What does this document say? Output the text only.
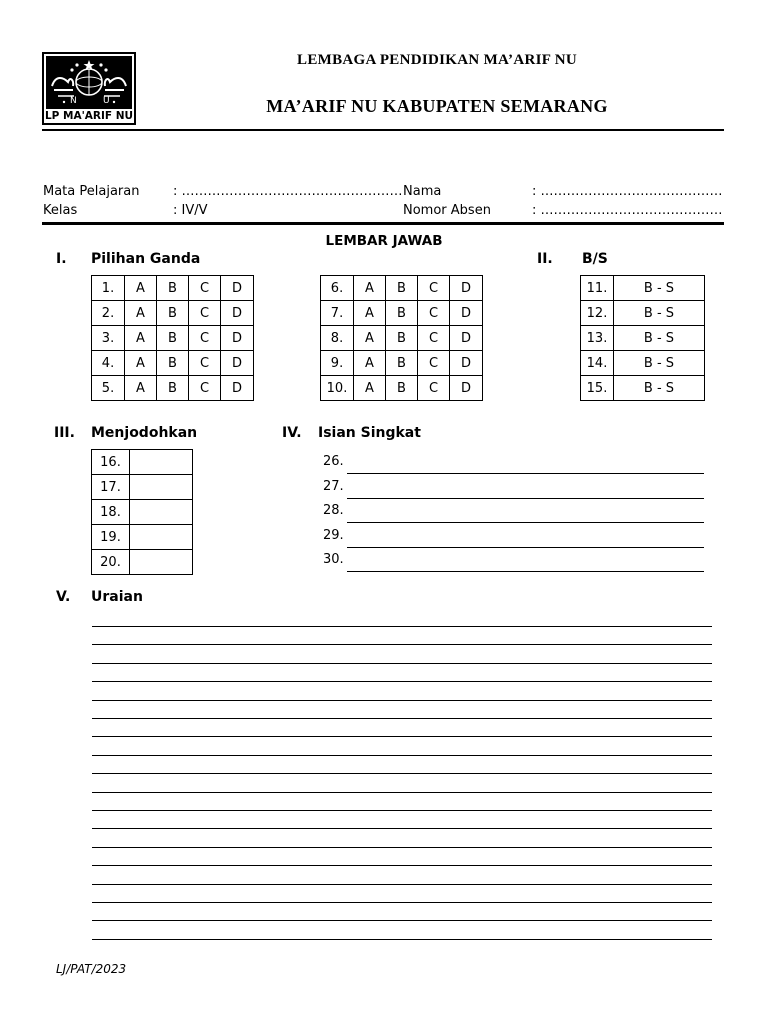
N	U
LP MA'ARIF NU
LEMBAGA PENDIDIKAN MA’ARIF NU
MA’ARIF NU KABUPATEN SEMARANG
Mata Pelajaran	: ……………………………………………
Kelas	: IV/V
Nama	: ……………………………………
Nomor Absen	: ……………………………………
LEMBAR JAWAB
I. Pilihan Ganda	II. B/S
1.	A	B	C	D
2.	A	B	C	D
3.	A	B	C	D
4.	A	B	C	D
5.	A	B	C	D
6.	A	B	C	D
7.	A	B	C	D
8.	A	B	C	D
9.	A	B	C	D
10.	A	B	C	D
11.	B - S
12.	B - S
13.	B - S
14.	B - S
15.	B - S
III. Menjodohkan	IV. Isian Singkat
16.	
17.	
18.	
19.	
20.	
26.
27.
28.
29.
30.
V. Uraian
LJ/PAT/2023
